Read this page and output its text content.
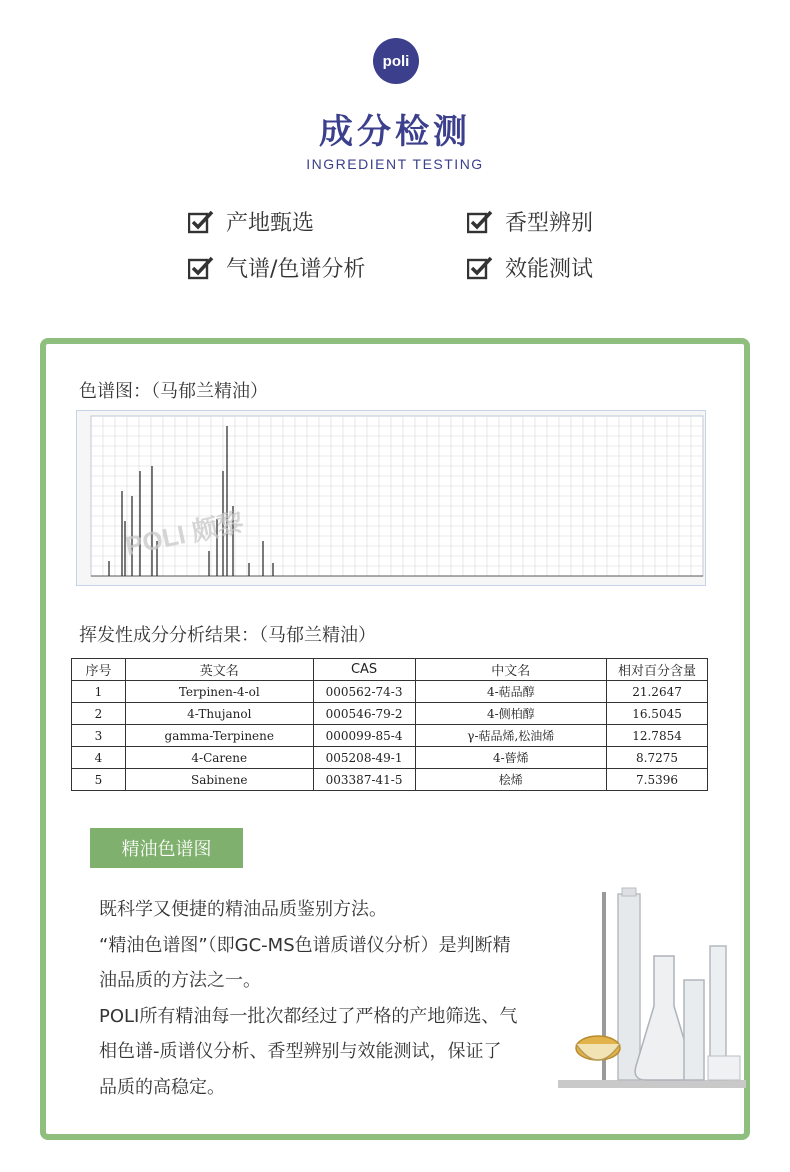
poli
成分检测
INGREDIENT TESTING
产地甄选	香型辨别
气谱/色谱分析	效能测试
色谱图：（马郁兰精油）
POLI 颇黎
挥发性成分分析结果：（马郁兰精油）
序号	英文名	CAS	中文名	相对百分含量
1	Terpinen-4-ol	000562-74-3	4-萜品醇	21.2647
2	4-Thujanol	000546-79-2	4-侧柏醇	16.5045
3	gamma-Terpinene	000099-85-4	γ-萜品烯,松油烯	12.7854
4	4-Carene	005208-49-1	4-蒈烯	8.7275
5	Sabinene	003387-41-5	桧烯	7.5396
精油色谱图

既科学又便捷的精油品质鉴别方法。

“精油色谱图”（即GC-MS色谱质谱仪分析）是判断精油品质的方法之一。

POLI所有精油每一批次都经过了严格的产地筛选、气相色谱-质谱仪分析、香型辨别与效能测试，保证了品质的高稳定。
